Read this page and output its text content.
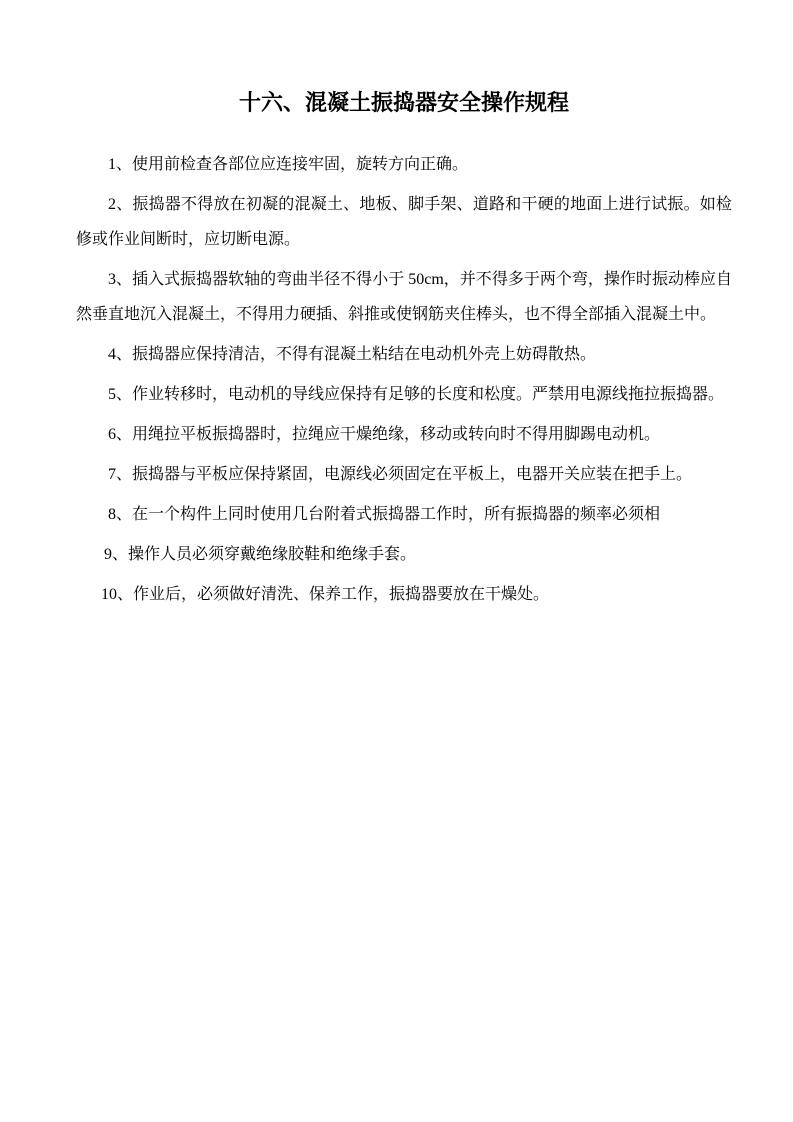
十六、混凝土振捣器安全操作规程

1、使用前检查各部位应连接牢固，旋转方向正确。

2、振捣器不得放在初凝的混凝土、地板、脚手架、道路和干硬的地面上进行试振。如检修或作业间断时，应切断电源。

3、插入式振捣器软轴的弯曲半径不得小于 50cm，并不得多于两个弯，操作时振动棒应自然垂直地沉入混凝土，不得用力硬插、斜推或使钢筋夹住棒头，也不得全部插入混凝土中。

4、振捣器应保持清洁，不得有混凝土粘结在电动机外壳上妨碍散热。

5、作业转移时，电动机的导线应保持有足够的长度和松度。严禁用电源线拖拉振捣器。

6、用绳拉平板振捣器时，拉绳应干燥绝缘，移动或转向时不得用脚踢电动机。

7、振捣器与平板应保持紧固，电源线必须固定在平板上，电器开关应装在把手上。

8、在一个构件上同时使用几台附着式振捣器工作时，所有振捣器的频率必须相

9、操作人员必须穿戴绝缘胶鞋和绝缘手套。

10、作业后，必须做好清洗、保养工作，振捣器要放在干燥处。
